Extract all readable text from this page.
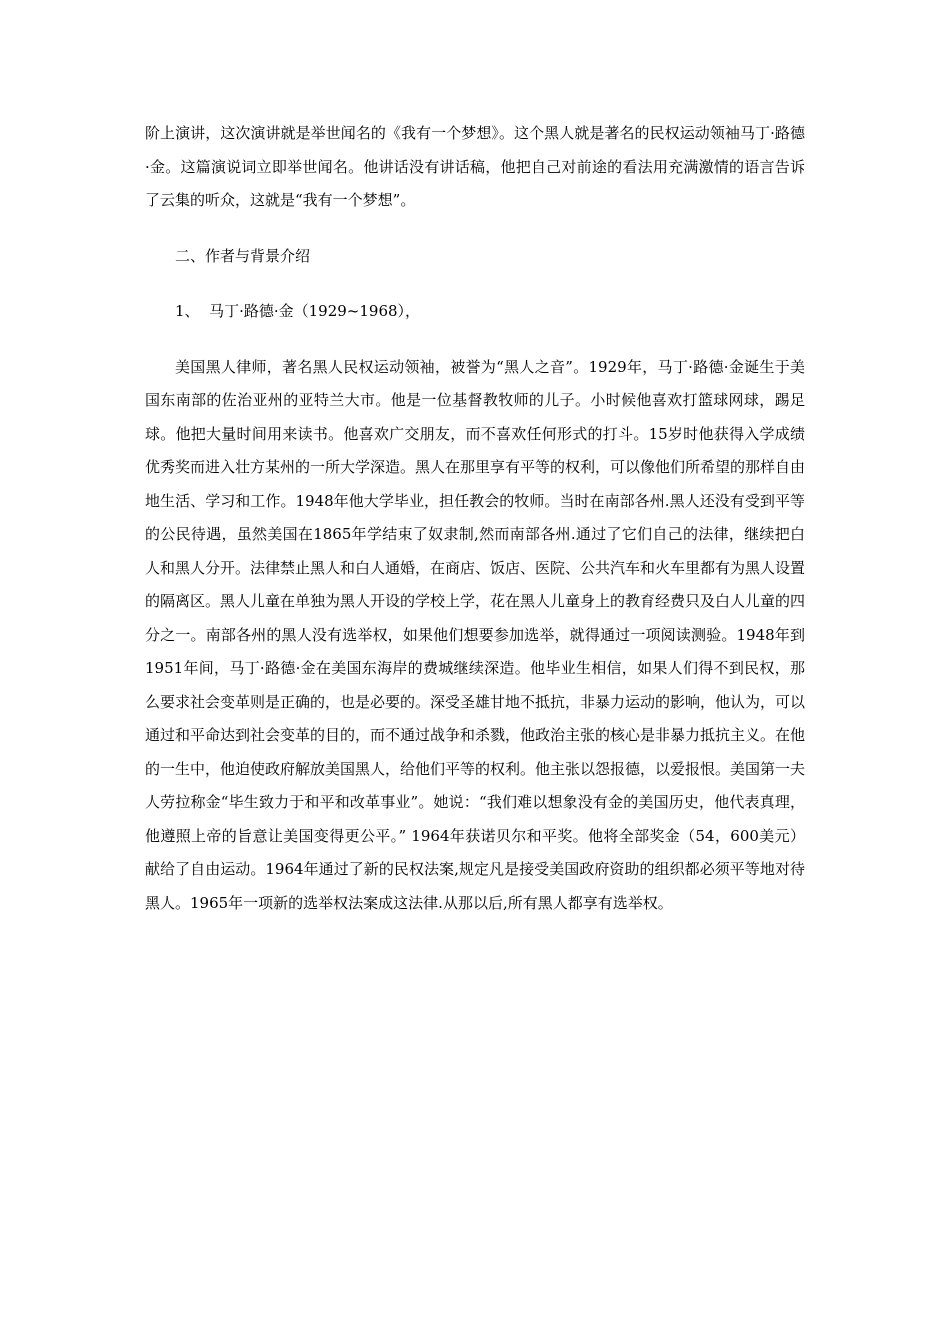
阶上演讲，这次演讲就是举世闻名的《我有一个梦想》。这个黑人就是著名的民权运动领袖马丁·路德·金。这篇演说词立即举世闻名。他讲话没有讲话稿，他把自己对前途的看法用充满激情的语言告诉了云集的听众，这就是“我有一个梦想”。

二、作者与背景介绍

1、  马丁·路德·金（1929~1968），

美国黑人律师，著名黑人民权运动领袖，被誉为“黑人之音”。1929年，马丁·路德·金诞生于美国东南部的佐治亚州的亚特兰大市。他是一位基督教牧师的儿子。小时候他喜欢打篮球网球，踢足球。他把大量时间用来读书。他喜欢广交朋友，而不喜欢任何形式的打斗。15岁时他获得入学成绩优秀奖而进入壮方某州的一所大学深造。黑人在那里享有平等的权利，可以像他们所希望的那样自由地生活、学习和工作。1948年他大学毕业，担任教会的牧师。当时在南部各州.黑人还没有受到平等的公民待遇，虽然美国在1865年学结束了奴隶制,然而南部各州.通过了它们自己的法律，继续把白人和黑人分开。法律禁止黑人和白人通婚，在商店、饭店、医院、公共汽车和火车里都有为黑人设置的隔离区。黑人儿童在单独为黑人开设的学校上学，花在黑人儿童身上的教育经费只及白人儿童的四分之一。南部各州的黑人没有选举权，如果他们想要参加选举，就得通过一项阅读测验。1948年到1951年间，马丁·路德·金在美国东海岸的费城继续深造。他毕业生相信，如果人们得不到民权，那么要求社会变革则是正确的，也是必要的。深受圣雄甘地不抵抗，非暴力运动的影响，他认为，可以通过和平命达到社会变革的目的，而不通过战争和杀戮，他政治主张的核心是非暴力抵抗主义。在他的一生中，他迫使政府解放美国黑人，给他们平等的权利。他主张以怨报德，以爱报恨。美国第一夫人劳拉称金“毕生致力于和平和改革事业”。她说：“我们难以想象没有金的美国历史，他代表真理，他遵照上帝的旨意让美国变得更公平。” 1964年获诺贝尔和平奖。他将全部奖金（54，600美元）献给了自由运动。1964年通过了新的民权法案,规定凡是接受美国政府资助的组织都必须平等地对待黑人。1965年一项新的选举权法案成这法律.从那以后,所有黑人都享有选举权。
